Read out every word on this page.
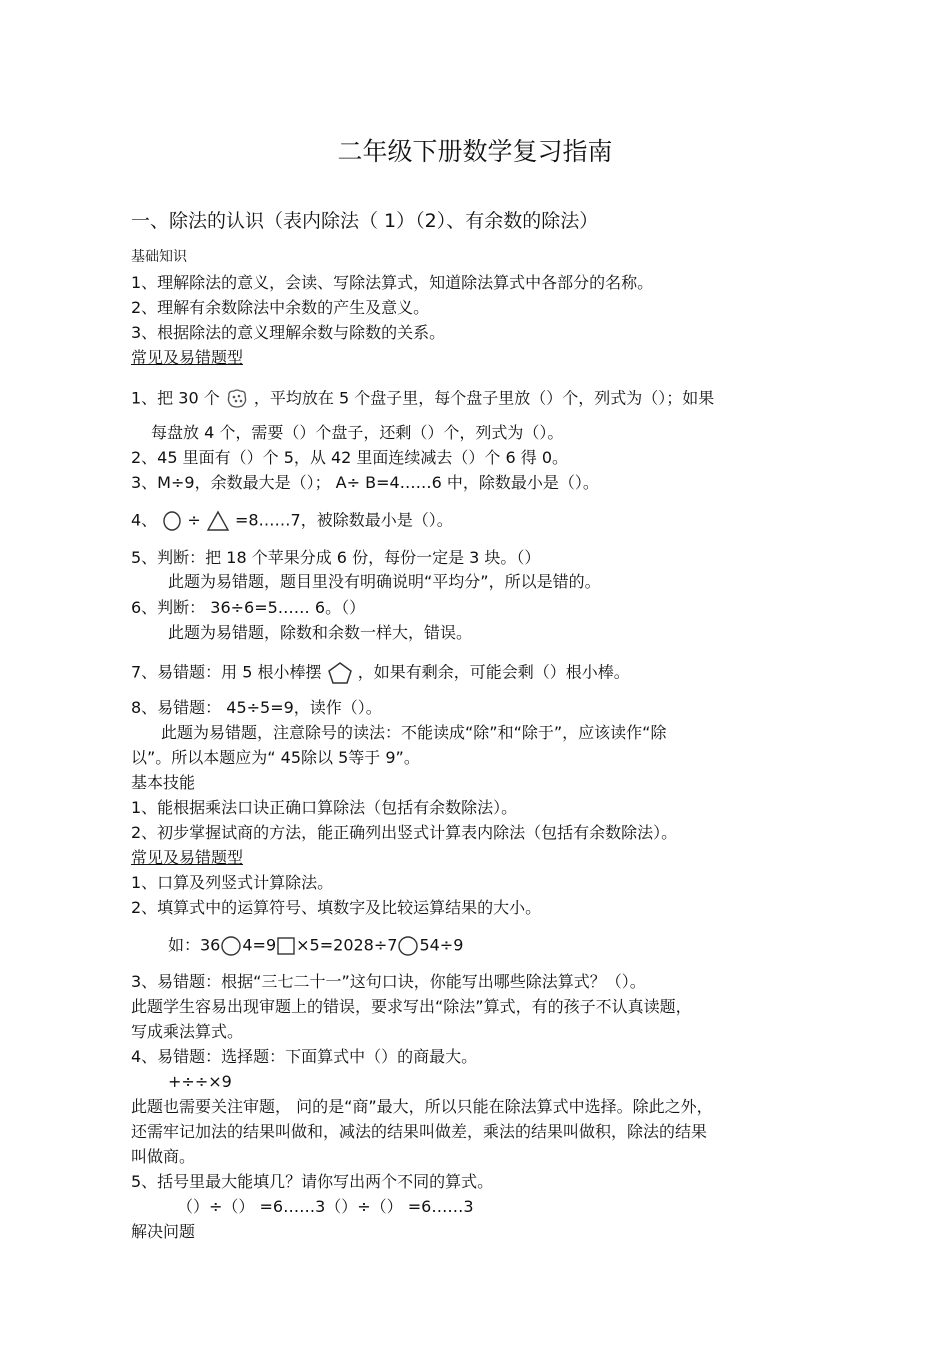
二年级下册数学复习指南
一、除法的认识（表内除法（ 1）（2）、有余数的除法）
基础知识
1、理解除法的意义，会读、写除法算式，知道除法算式中各部分的名称。
2、理解有余数除法中余数的产生及意义。
3、根据除法的意义理解余数与除数的关系。
常见及易错题型
1、把 30 个 ，平均放在 5 个盘子里，每个盘子里放（）个，列式为（）；如果
每盘放 4 个，需要（）个盘子，还剩（）个，列式为（）。
2、45 里面有（）个 5，从 42 里面连续减去（）个 6 得 0。
3、M÷9，余数最大是（）； A÷ B=4……6 中，除数最小是（）。
4、 ÷ =8……7，被除数最小是（）。
5、判断：把 18 个苹果分成 6 份，每份一定是 3 块。（）
此题为易错题，题目里没有明确说明“平均分”，所以是错的。
6、判断： 36÷6=5…… 6。（）
此题为易错题，除数和余数一样大，错误。
7、易错题：用 5 根小棒摆 ，如果有剩余，可能会剩（）根小棒。
8、易错题： 45÷5=9，读作（）。
此题为易错题，注意除号的读法：不能读成“除”和“除于”，应该读作“除
以”。所以本题应为“ 45除以 5等于 9”。
基本技能
1、能根据乘法口诀正确口算除法（包括有余数除法）。
2、初步掌握试商的方法，能正确列出竖式计算表内除法（包括有余数除法）。
常见及易错题型
1、口算及列竖式计算除法。
2、填算式中的运算符号、填数字及比较运算结果的大小。
如：36 4=9 ×5=2028÷7 54÷9
3、易错题：根据“三七二十一”这句口诀，你能写出哪些除法算式？（）。
此题学生容易出现审题上的错误，要求写出“除法”算式，有的孩子不认真读题，
写成乘法算式。
4、易错题：选择题：下面算式中（）的商最大。
+÷÷×9
此题也需要关注审题， 问的是“商”最大，所以只能在除法算式中选择。除此之外，
还需牢记加法的结果叫做和，减法的结果叫做差，乘法的结果叫做积，除法的结果
叫做商。
5、括号里最大能填几？请你写出两个不同的算式。
（）÷（） =6……3（）÷（） =6……3
解决问题
